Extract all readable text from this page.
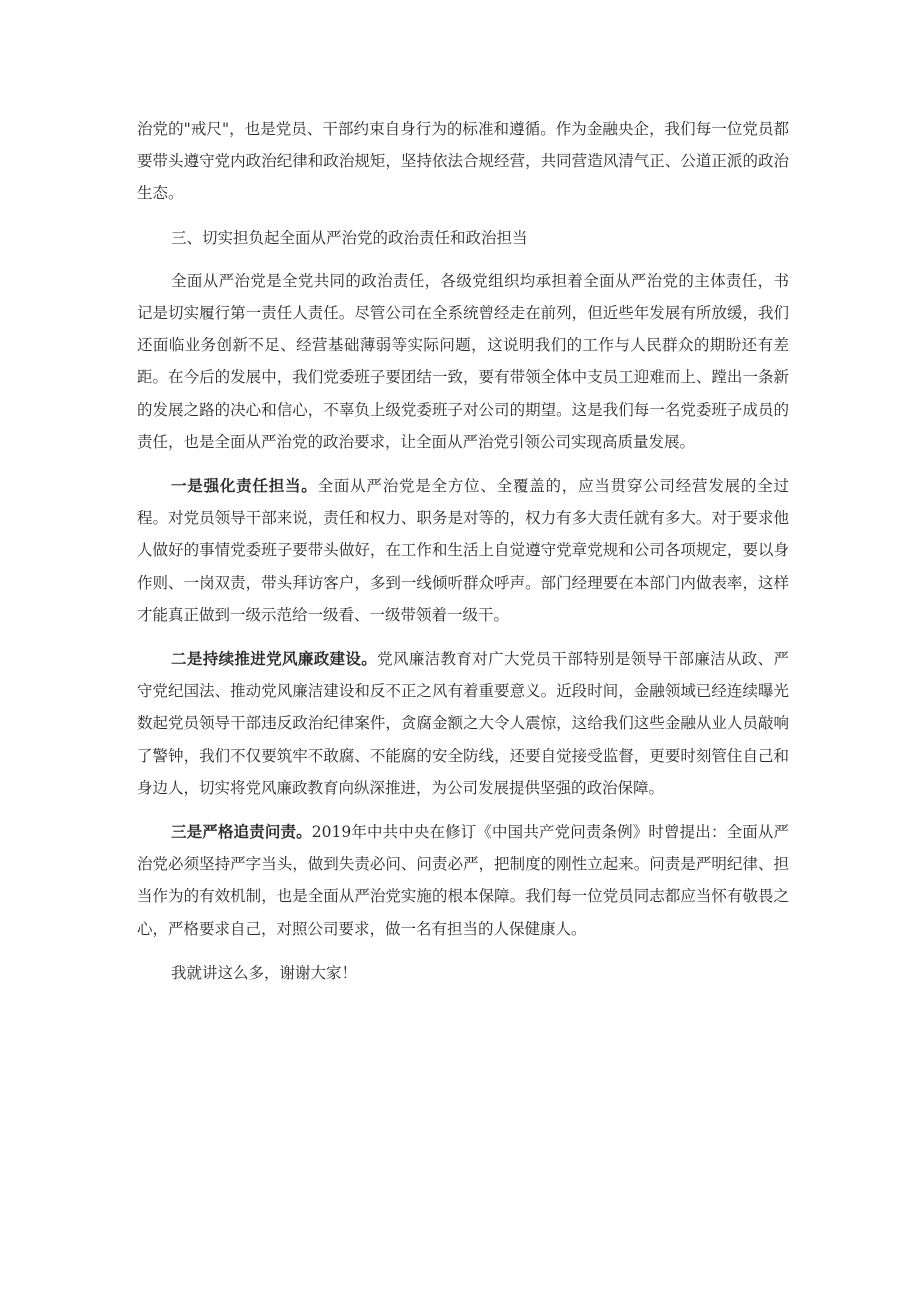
治党的"戒尺"，也是党员、干部约束自身行为的标准和遵循。作为金融央企，我们每一位党员都要带头遵守党内政治纪律和政治规矩，坚持依法合规经营，共同营造风清气正、公道正派的政治生态。

三、切实担负起全面从严治党的政治责任和政治担当

全面从严治党是全党共同的政治责任，各级党组织均承担着全面从严治党的主体责任，书记是切实履行第一责任人责任。尽管公司在全系统曾经走在前列，但近些年发展有所放缓，我们还面临业务创新不足、经营基础薄弱等实际问题，这说明我们的工作与人民群众的期盼还有差距。在今后的发展中，我们党委班子要团结一致，要有带领全体中支员工迎难而上、蹚出一条新的发展之路的决心和信心，不辜负上级党委班子对公司的期望。这是我们每一名党委班子成员的责任，也是全面从严治党的政治要求，让全面从严治党引领公司实现高质量发展。

一是强化责任担当。全面从严治党是全方位、全覆盖的，应当贯穿公司经营发展的全过程。对党员领导干部来说，责任和权力、职务是对等的，权力有多大责任就有多大。对于要求他人做好的事情党委班子要带头做好，在工作和生活上自觉遵守党章党规和公司各项规定，要以身作则、一岗双责，带头拜访客户，多到一线倾听群众呼声。部门经理要在本部门内做表率，这样才能真正做到一级示范给一级看、一级带领着一级干。

二是持续推进党风廉政建设。党风廉洁教育对广大党员干部特别是领导干部廉洁从政、严守党纪国法、推动党风廉洁建设和反不正之风有着重要意义。近段时间，金融领域已经连续曝光数起党员领导干部违反政治纪律案件，贪腐金额之大令人震惊，这给我们这些金融从业人员敲响了警钟，我们不仅要筑牢不敢腐、不能腐的安全防线，还要自觉接受监督，更要时刻管住自己和身边人，切实将党风廉政教育向纵深推进，为公司发展提供坚强的政治保障。

三是严格追责问责。2019年中共中央在修订《中国共产党问责条例》时曾提出：全面从严治党必须坚持严字当头，做到失责必问、问责必严，把制度的刚性立起来。问责是严明纪律、担当作为的有效机制，也是全面从严治党实施的根本保障。我们每一位党员同志都应当怀有敬畏之心，严格要求自己，对照公司要求，做一名有担当的人保健康人。

我就讲这么多，谢谢大家！
